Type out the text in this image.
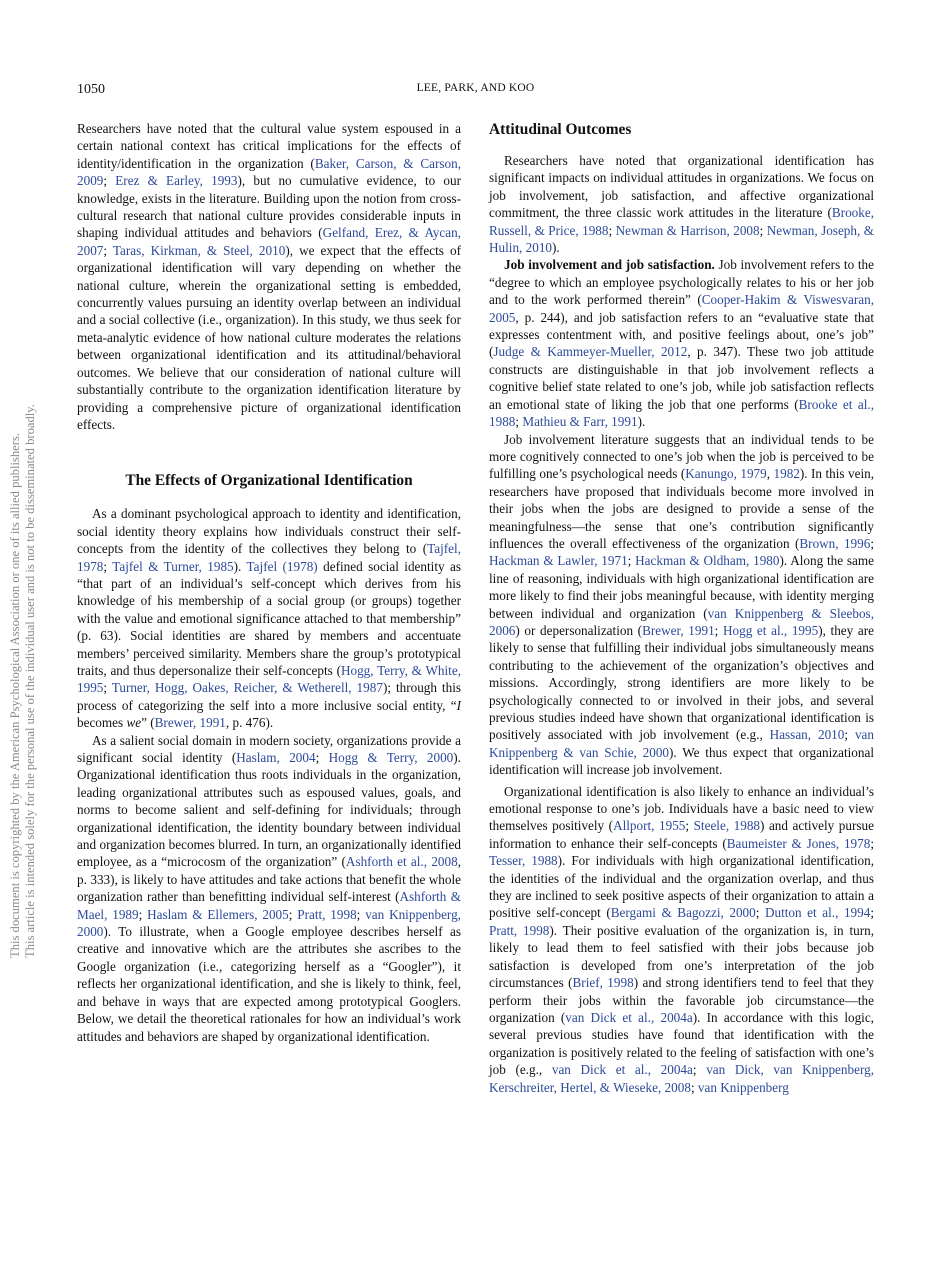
1050	LEE, PARK, AND KOO
This document is copyrighted by the American Psychological Association or one of its allied publishers. This article is intended solely for the personal use of the individual user and is not to be disseminated broadly.

Researchers have noted that the cultural value system espoused in a certain national context has critical implications for the effects of identity/identification in the organization (Baker, Carson, & Carson, 2009; Erez & Earley, 1993), but no cumulative evidence, to our knowledge, exists in the literature. Building upon the notion from cross-cultural research that national culture provides considerable inputs in shaping individual attitudes and behaviors (Gelfand, Erez, & Aycan, 2007; Taras, Kirkman, & Steel, 2010), we expect that the effects of organizational identification will vary depending on whether the national culture, wherein the organizational setting is embedded, concurrently values pursuing an identity overlap between an individual and a social collective (i.e., organization). In this study, we thus seek for meta-analytic evidence of how national culture moderates the relations between organizational identification and its attitudinal/behavioral outcomes. We believe that our consideration of national culture will substantially contribute to the organization identification literature by providing a comprehensive picture of organizational identification effects.

The Effects of Organizational Identification

As a dominant psychological approach to identity and identification, social identity theory explains how individuals construct their self-concepts from the identity of the collectives they belong to (Tajfel, 1978; Tajfel & Turner, 1985). Tajfel (1978) defined social identity as “that part of an individual’s self-concept which derives from his knowledge of his membership of a social group (or groups) together with the value and emotional significance attached to that membership” (p. 63). Social identities are shared by members and accentuate members’ perceived similarity. Members share the group’s prototypical traits, and thus depersonalize their self-concepts (Hogg, Terry, & White, 1995; Turner, Hogg, Oakes, Reicher, & Wetherell, 1987); through this process of categorizing the self into a more inclusive social entity, “I becomes we” (Brewer, 1991, p. 476).

As a salient social domain in modern society, organizations provide a significant social identity (Haslam, 2004; Hogg & Terry, 2000). Organizational identification thus roots individuals in the organization, leading organizational attributes such as espoused values, goals, and norms to become salient and self-defining for individuals; through organizational identification, the identity boundary between individual and organization becomes blurred. In turn, an organizationally identified employee, as a “microcosm of the organization” (Ashforth et al., 2008, p. 333), is likely to have attitudes and take actions that benefit the whole organization rather than benefitting individual self-interest (Ashforth & Mael, 1989; Haslam & Ellemers, 2005; Pratt, 1998; van Knippenberg, 2000). To illustrate, when a Google employee describes herself as creative and innovative which are the attributes she ascribes to the Google organization (i.e., categorizing herself as a “Googler”), it reflects her organizational identification, and she is likely to think, feel, and behave in ways that are expected among prototypical Googlers. Below, we detail the theoretical rationales for how an individual’s work attitudes and behaviors are shaped by organizational identification.

Attitudinal Outcomes

Researchers have noted that organizational identification has significant impacts on individual attitudes in organizations. We focus on job involvement, job satisfaction, and affective organizational commitment, the three classic work attitudes in the literature (Brooke, Russell, & Price, 1988; Newman & Harrison, 2008; Newman, Joseph, & Hulin, 2010).

Job involvement and job satisfaction. Job involvement refers to the “degree to which an employee psychologically relates to his or her job and to the work performed therein” (Cooper-Hakim & Viswesvaran, 2005, p. 244), and job satisfaction refers to an “evaluative state that expresses contentment with, and positive feelings about, one’s job” (Judge & Kammeyer-Mueller, 2012, p. 347). These two job attitude constructs are distinguishable in that job involvement reflects a cognitive belief state related to one’s job, while job satisfaction reflects an emotional state of liking the job that one performs (Brooke et al., 1988; Mathieu & Farr, 1991).

Job involvement literature suggests that an individual tends to be more cognitively connected to one’s job when the job is perceived to be fulfilling one’s psychological needs (Kanungo, 1979, 1982). In this vein, researchers have proposed that individuals become more involved in their jobs when the jobs are designed to provide a sense of the meaningfulness—the sense that one’s contribution significantly influences the overall effectiveness of the organization (Brown, 1996; Hackman & Lawler, 1971; Hackman & Oldham, 1980). Along the same line of reasoning, individuals with high organizational identification are more likely to find their jobs meaningful because, with identity merging between individual and organization (van Knippenberg & Sleebos, 2006) or depersonalization (Brewer, 1991; Hogg et al., 1995), they are likely to sense that fulfilling their individual jobs simultaneously means contributing to the achievement of the organization’s objectives and missions. Accordingly, strong identifiers are more likely to be psychologically connected to or involved in their jobs, and several previous studies indeed have shown that organizational identification is positively associated with job involvement (e.g., Hassan, 2010; van Knippenberg & van Schie, 2000). We thus expect that organizational identification will increase job involvement.

Organizational identification is also likely to enhance an individual’s emotional response to one’s job. Individuals have a basic need to view themselves positively (Allport, 1955; Steele, 1988) and actively pursue information to enhance their self-concepts (Baumeister & Jones, 1978; Tesser, 1988). For individuals with high organizational identification, the identities of the individual and the organization overlap, and thus they are inclined to seek positive aspects of their organization to attain a positive self-concept (Bergami & Bagozzi, 2000; Dutton et al., 1994; Pratt, 1998). Their positive evaluation of the organization is, in turn, likely to lead them to feel satisfied with their jobs because job satisfaction is developed from one’s interpretation of the job circumstances (Brief, 1998) and strong identifiers tend to feel that they perform their jobs within the favorable job circumstance—the organization (van Dick et al., 2004a). In accordance with this logic, several previous studies have found that identification with the organization is positively related to the feeling of satisfaction with one’s job (e.g., van Dick et al., 2004a; van Dick, van Knippenberg, Kerschreiter, Hertel, & Wieseke, 2008; van Knippenberg
